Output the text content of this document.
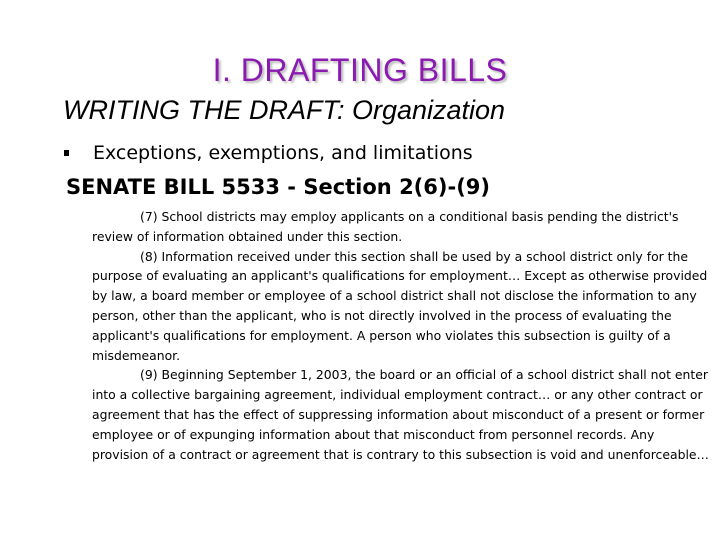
I. DRAFTING BILLS
WRITING THE DRAFT: Organization
Exceptions, exemptions, and limitations
SENATE BILL 5533 - Section 2(6)-(9)

(7) School districts may employ applicants on a conditional basis pending the district's review of information obtained under this section.

(8) Information received under this section shall be used by a school district only for the purpose of evaluating an applicant's qualifications for employment… Except as otherwise provided by law, a board member or employee of a school district shall not disclose the information to any person, other than the applicant, who is not directly involved in the process of evaluating the applicant's qualifications for employment. A person who violates this subsection is guilty of a misdemeanor.

(9) Beginning September 1, 2003, the board or an official of a school district shall not enter into a collective bargaining agreement, individual employment contract… or any other contract or agreement that has the effect of suppressing information about misconduct of a present or former employee or of expunging information about that misconduct from personnel records. Any provision of a contract or agreement that is contrary to this subsection is void and unenforceable…
